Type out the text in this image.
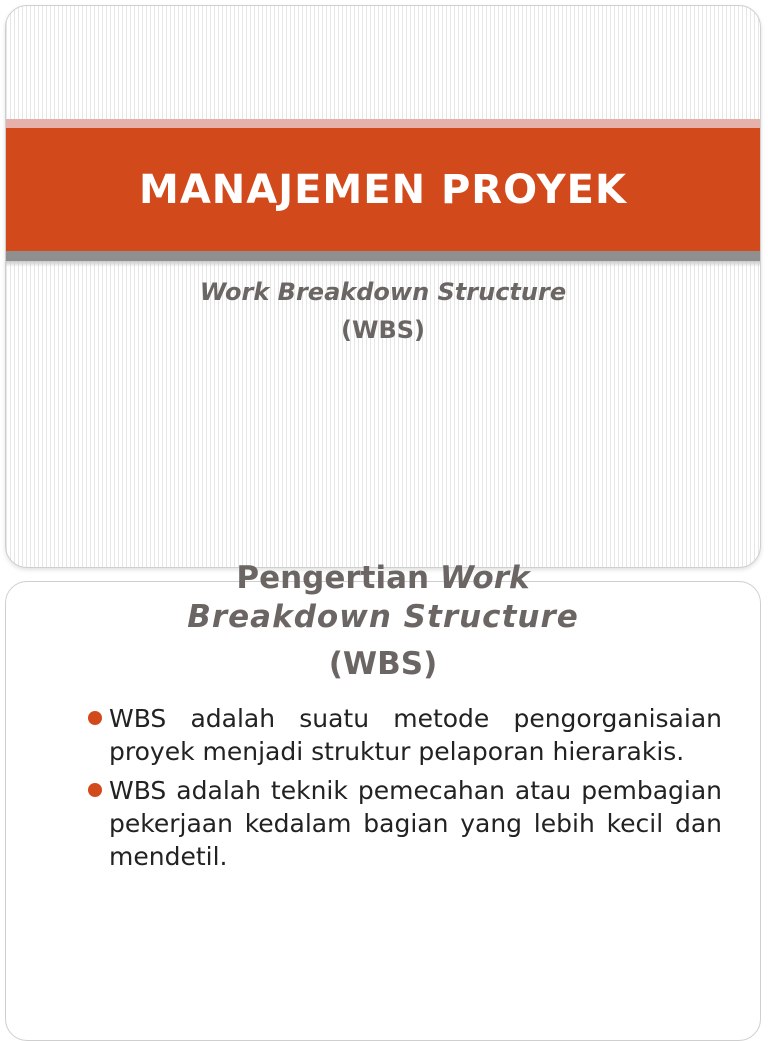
MANAJEMEN PROYEK
Work Breakdown Structure
(WBS)
Pengertian Work
Breakdown Structure
(WBS)
WBS adalah suatu metode pengorganisaian proyek menjadi struktur pelaporan hierarakis.
WBS adalah teknik pemecahan atau pembagian pekerjaan kedalam bagian yang lebih kecil dan mendetil.
